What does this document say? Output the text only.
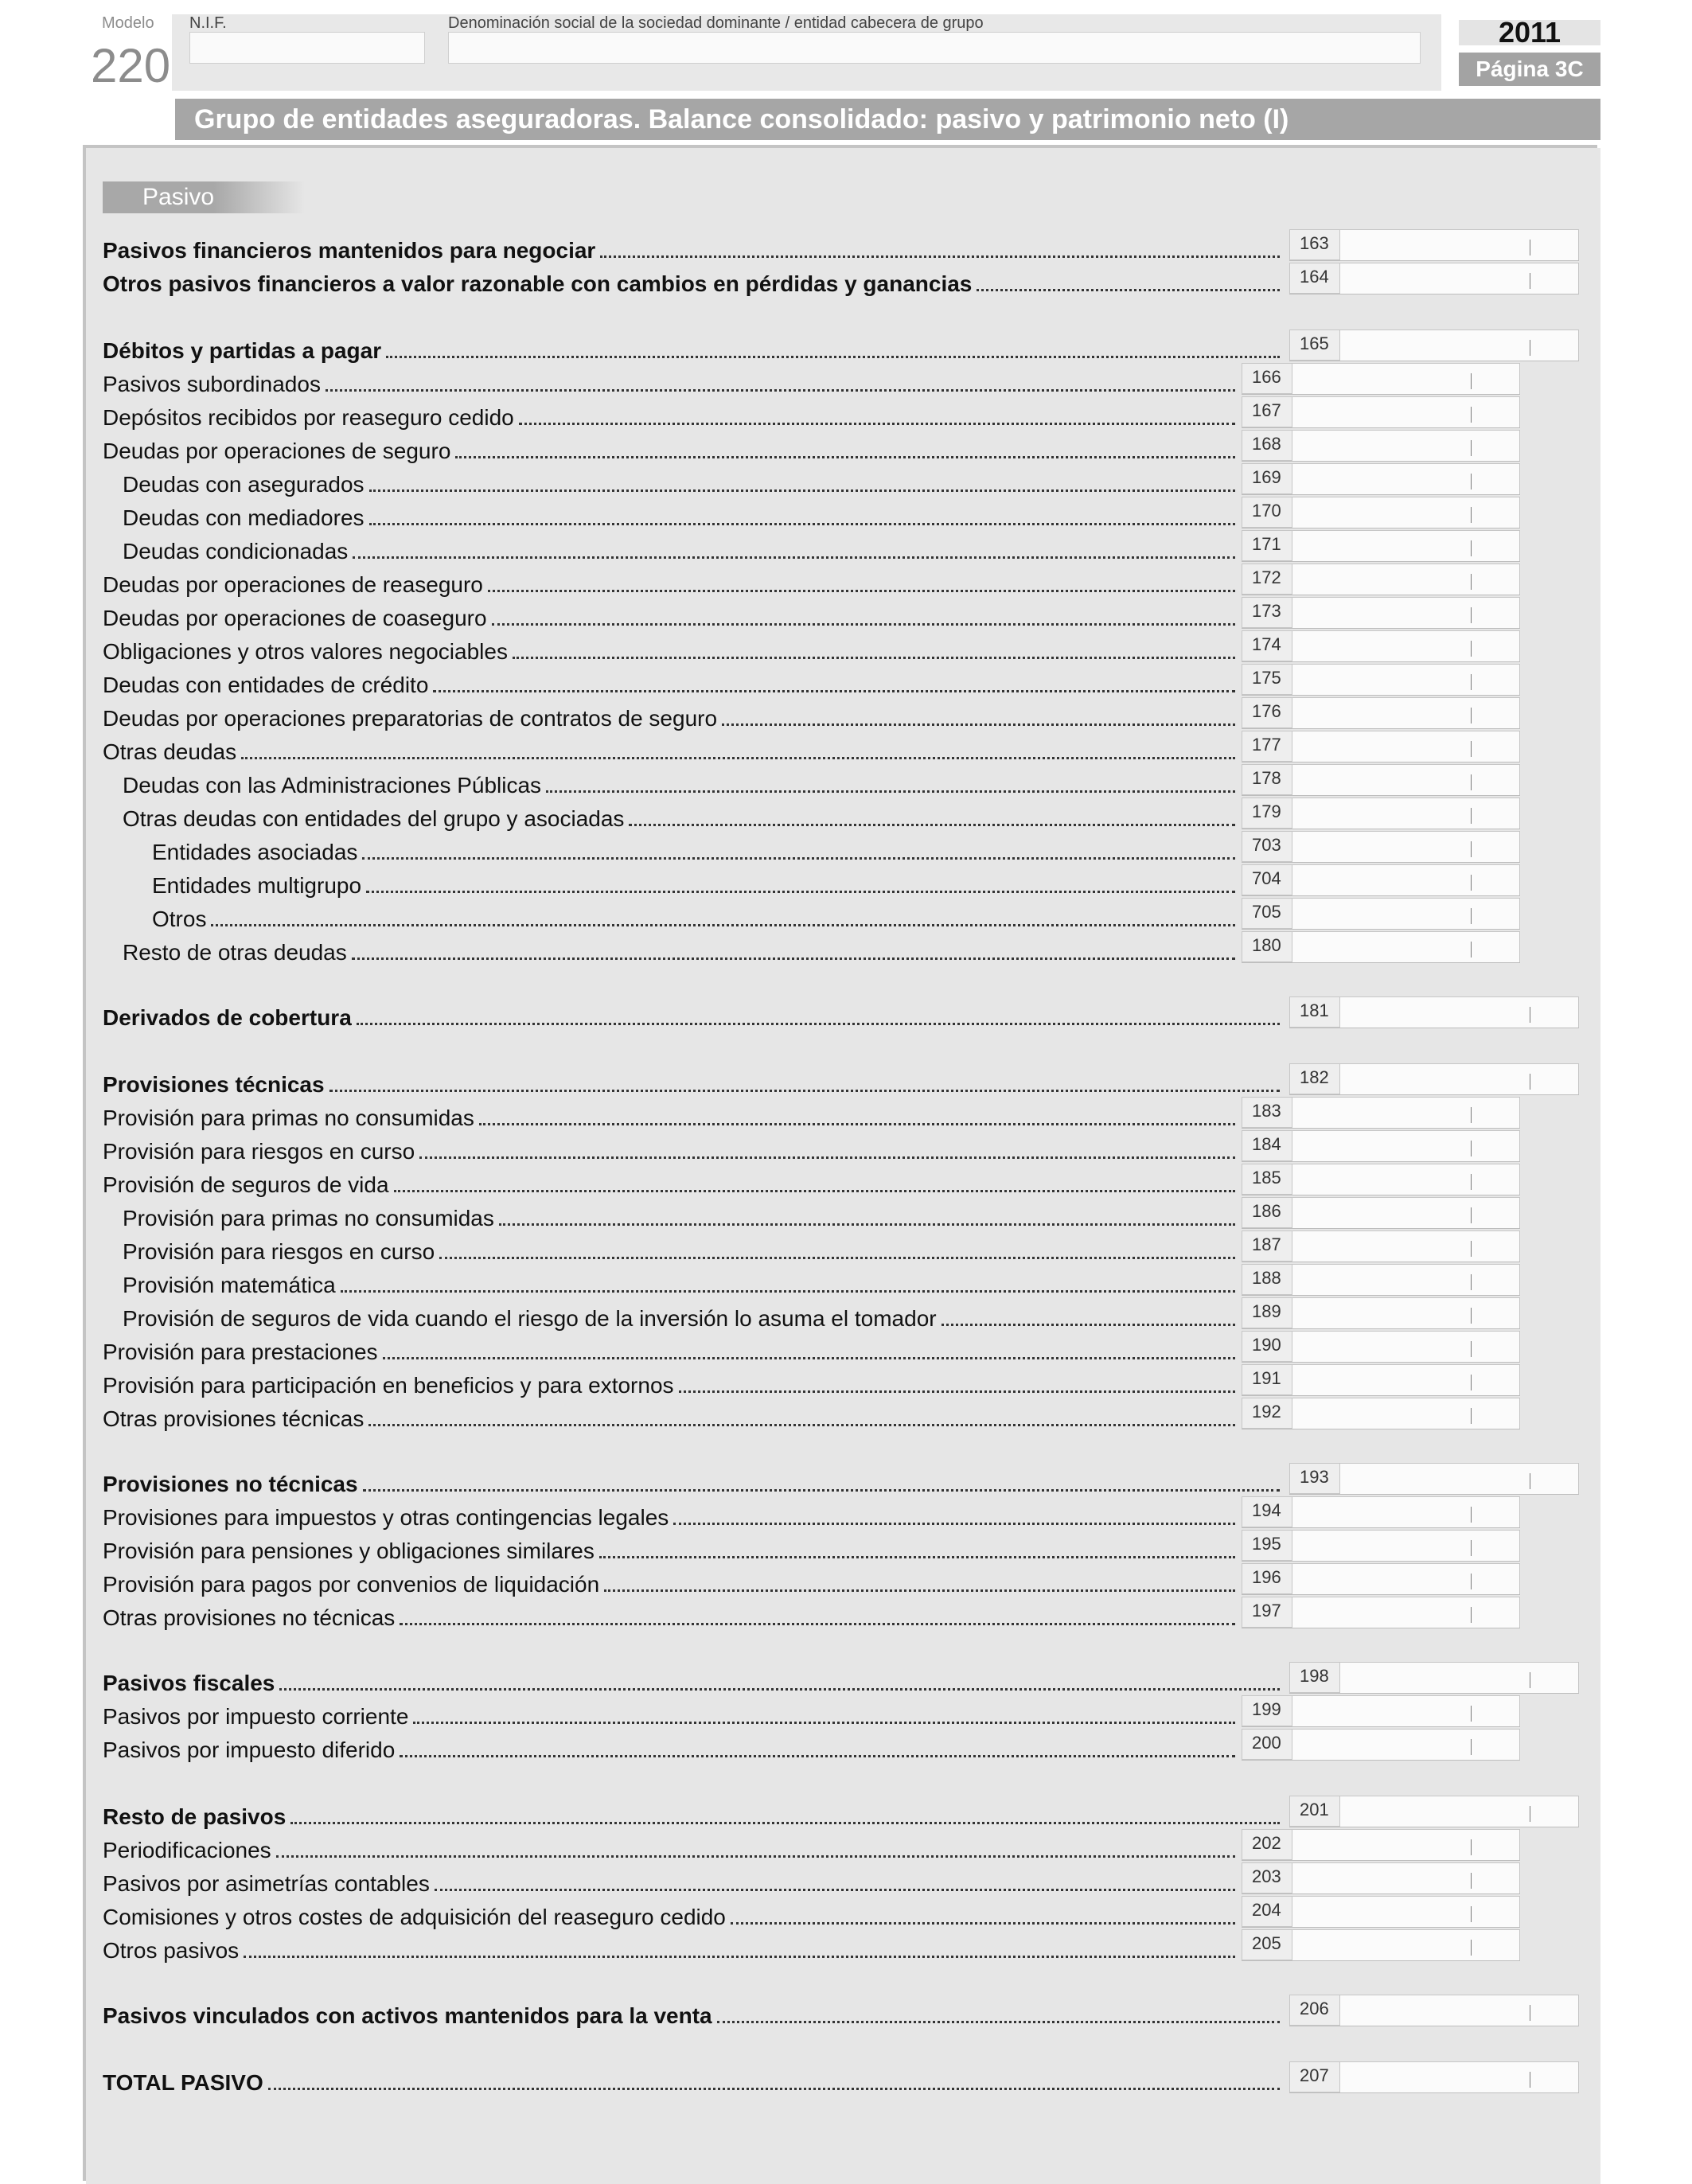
Modelo
220
N.I.F.	Denominación social de la sociedad dominante / entidad cabecera de grupo	2011
Página 3C
Grupo de entidades aseguradoras. Balance consolidado: pasivo y patrimonio neto (I)
Pasivo
Pasivos financieros mantenidos para negociar	163
Otros pasivos financieros a valor razonable con cambios en pérdidas y ganancias	164
Débitos y partidas a pagar	165
Pasivos subordinados	166
Depósitos recibidos por reaseguro cedido	167
Deudas por operaciones de seguro	168
Deudas con asegurados	169
Deudas con mediadores	170
Deudas condicionadas	171
Deudas por operaciones de reaseguro	172
Deudas por operaciones de coaseguro	173
Obligaciones y otros valores negociables	174
Deudas con entidades de crédito	175
Deudas por operaciones preparatorias de contratos de seguro	176
Otras deudas	177
Deudas con las Administraciones Públicas	178
Otras deudas con entidades del grupo y asociadas	179
Entidades asociadas	703
Entidades multigrupo	704
Otros	705
Resto de otras deudas	180
Derivados de cobertura	181
Provisiones técnicas	182
Provisión para primas no consumidas	183
Provisión para riesgos en curso	184
Provisión de seguros de vida	185
Provisión para primas no consumidas	186
Provisión para riesgos en curso	187
Provisión matemática	188
Provisión de seguros de vida cuando el riesgo de la inversión lo asuma el tomador	189
Provisión para prestaciones	190
Provisión para participación en beneficios y para extornos	191
Otras provisiones técnicas	192
Provisiones no técnicas	193
Provisiones para impuestos y otras contingencias legales	194
Provisión para pensiones y obligaciones similares	195
Provisión para pagos por convenios de liquidación	196
Otras provisiones no técnicas	197
Pasivos fiscales	198
Pasivos por impuesto corriente	199
Pasivos por impuesto diferido	200
Resto de pasivos	201
Periodificaciones	202
Pasivos por asimetrías contables	203
Comisiones y otros costes de adquisición del reaseguro cedido	204
Otros pasivos	205
Pasivos vinculados con activos mantenidos para la venta	206
TOTAL PASIVO	207
